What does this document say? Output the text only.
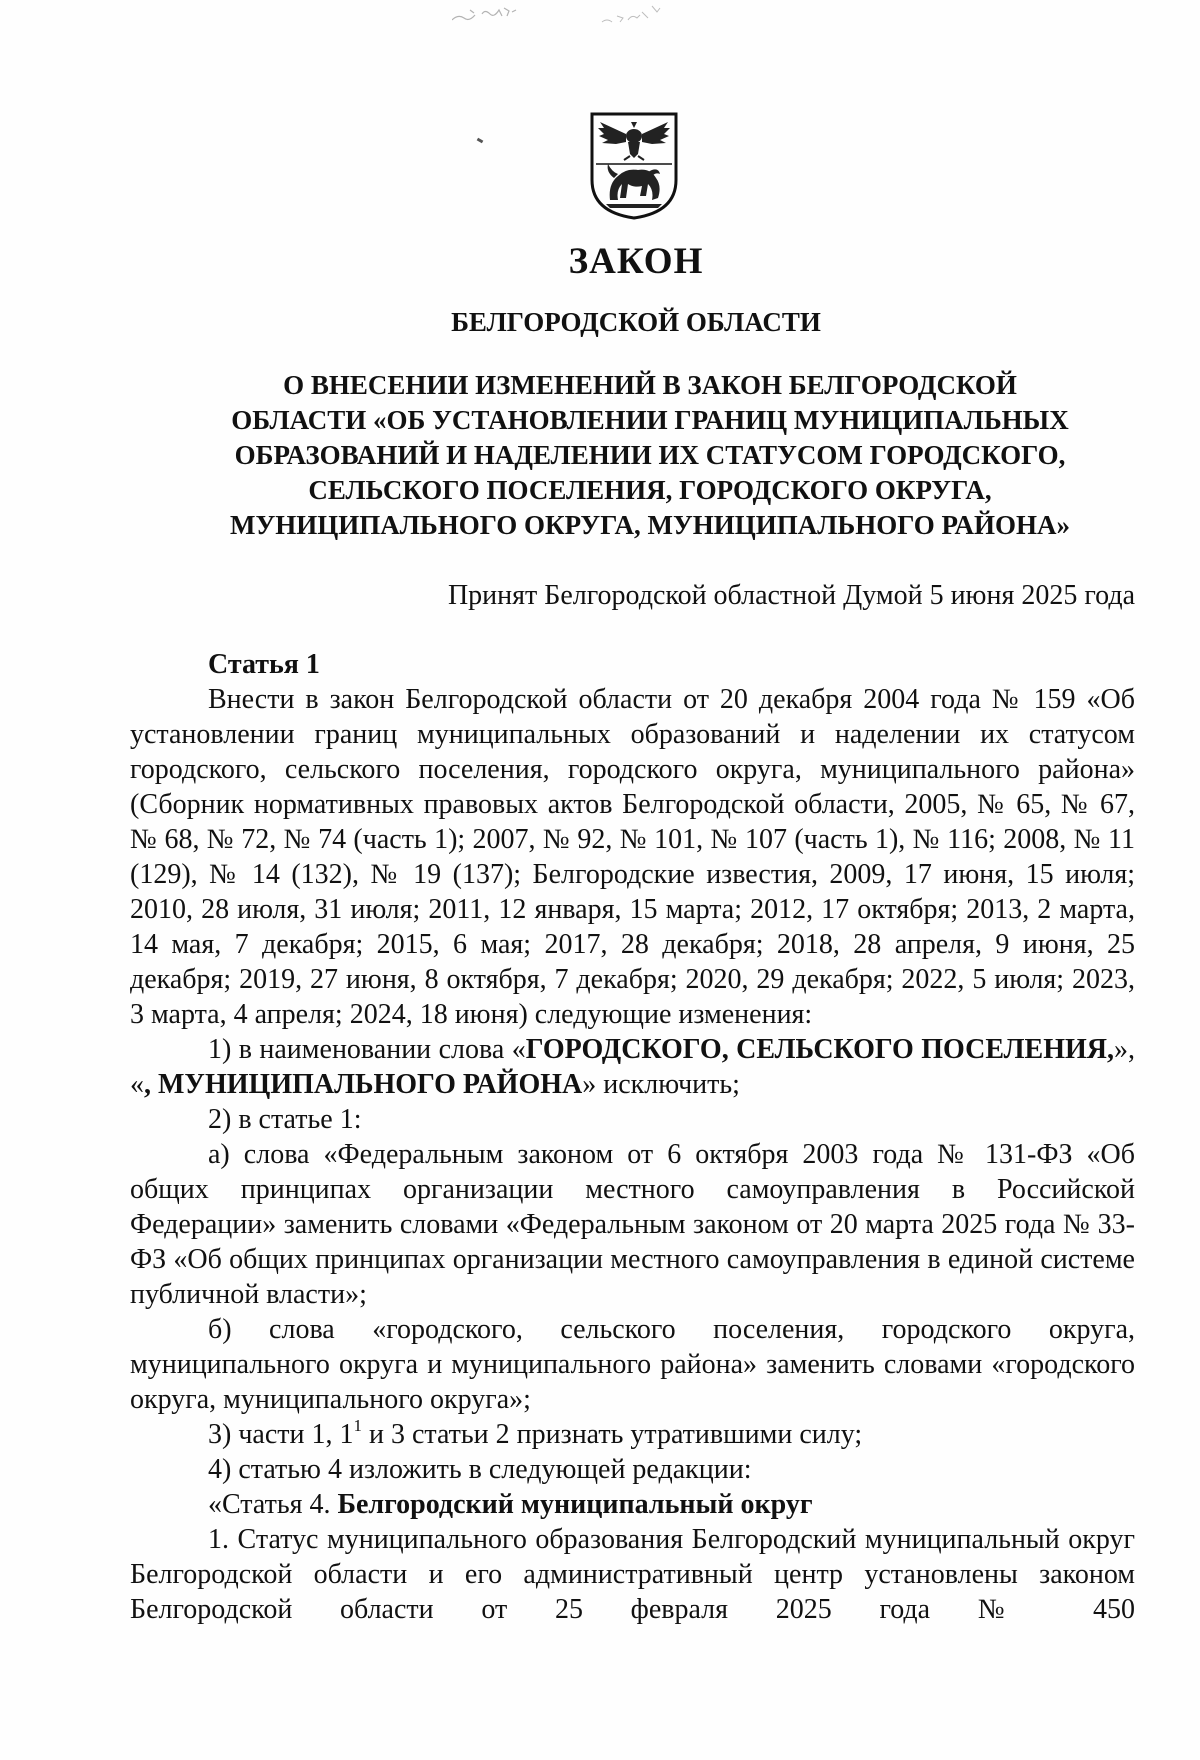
ЗАКОН
БЕЛГОРОДСКОЙ ОБЛАСТИ
О ВНЕСЕНИИ ИЗМЕНЕНИЙ В ЗАКОН БЕЛГОРОДСКОЙ
ОБЛАСТИ «ОБ УСТАНОВЛЕНИИ ГРАНИЦ МУНИЦИПАЛЬНЫХ
ОБРАЗОВАНИЙ И НАДЕЛЕНИИ ИХ СТАТУСОМ ГОРОДСКОГО,
СЕЛЬСКОГО ПОСЕЛЕНИЯ, ГОРОДСКОГО ОКРУГА,
МУНИЦИПАЛЬНОГО ОКРУГА, МУНИЦИПАЛЬНОГО РАЙОНА»
Принят Белгородской областной Думой 5 июня 2025 года

Статья 1

Внести в закон Белгородской области от 20 декабря 2004 года № 159 «Об установлении границ муниципальных образований и наделении их статусом городского, сельского поселения, городского округа, муниципального района» (Сборник нормативных правовых актов Белгородской области, 2005, № 65, № 67, № 68, № 72, № 74 (часть 1); 2007, № 92, № 101, № 107 (часть 1), № 116; 2008, № 11 (129), № 14 (132), № 19 (137); Белгородские известия, 2009, 17 июня, 15 июля; 2010, 28 июля, 31 июля; 2011, 12 января, 15 марта; 2012, 17 октября; 2013, 2 марта, 14 мая, 7 декабря; 2015, 6 мая; 2017, 28 декабря; 2018, 28 апреля, 9 июня, 25 декабря; 2019, 27 июня, 8 октября, 7 декабря; 2020, 29 декабря; 2022, 5 июля; 2023, 3 марта, 4 апреля; 2024, 18 июня) следующие изменения:

1) в наименовании слова «ГОРОДСКОГО, СЕЛЬСКОГО ПОСЕЛЕНИЯ,», «, МУНИЦИПАЛЬНОГО РАЙОНА» исключить;

2) в статье 1:

а) слова «Федеральным законом от 6 октября 2003 года № 131-ФЗ «Об общих принципах организации местного самоуправления в Российской Федерации» заменить словами «Федеральным законом от 20 марта 2025 года № 33-ФЗ «Об общих принципах организации местного самоуправления в единой системе публичной власти»;

б) слова «городского, сельского поселения, городского округа, муниципального округа и муниципального района» заменить словами «городского округа, муниципального округа»;

3) части 1, $1^1$ и 3 статьи 2 признать утратившими силу;

4) статью 4 изложить в следующей редакции:

«Статья 4. Белгородский муниципальный округ

1. Статус муниципального образования Белгородский муниципальный округ Белгородской области и его административный центр установлены законом Белгородской области от 25 февраля 2025 года № 450
